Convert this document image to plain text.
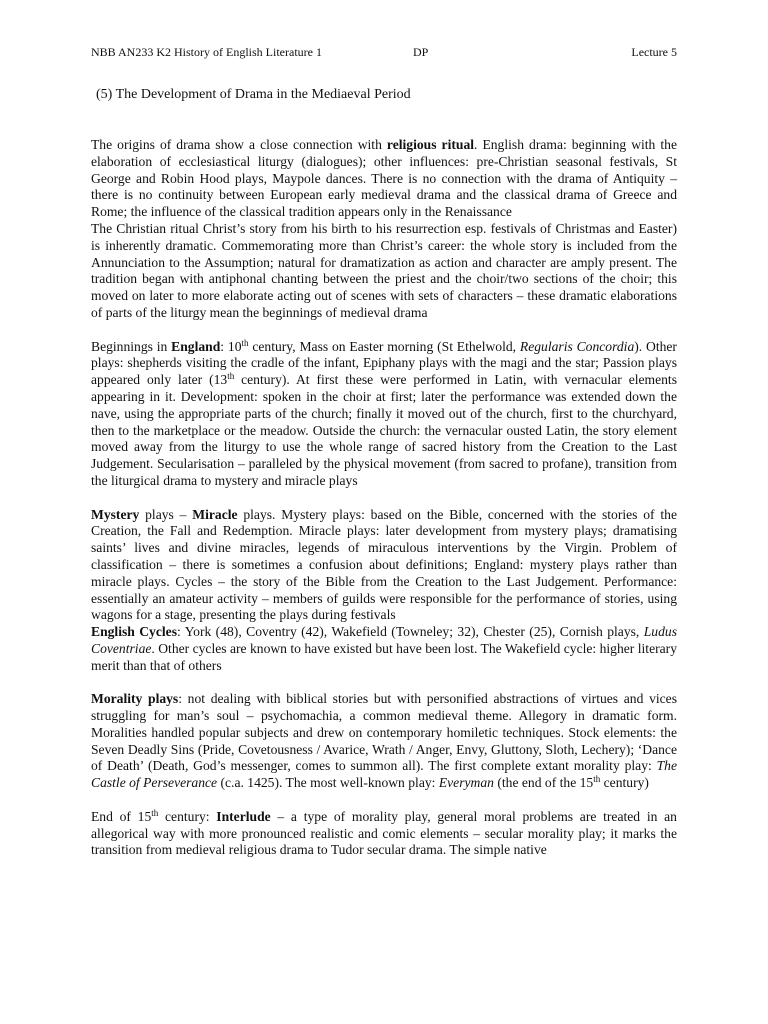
NBB AN233 K2 History of English Literature 1	DP	Lecture 5
(5) The Development of Drama in the Mediaeval Period

The origins of drama show a close connection with religious ritual. English drama: beginning with the elaboration of ecclesiastical liturgy (dialogues); other influences: pre-Christian seasonal festivals, St George and Robin Hood plays, Maypole dances. There is no connection with the drama of Antiquity – there is no continuity between European early medieval drama and the classical drama of Greece and Rome; the influence of the classical tradition appears only in the Renaissance

The Christian ritual Christ’s story from his birth to his resurrection esp. festivals of Christmas and Easter) is inherently dramatic. Commemorating more than Christ’s career: the whole story is included from the Annunciation to the Assumption; natural for dramatization as action and character are amply present. The tradition began with antiphonal chanting between the priest and the choir/two sections of the choir; this moved on later to more elaborate acting out of scenes with sets of characters – these dramatic elaborations of parts of the liturgy mean the beginnings of medieval drama

Beginnings in England: 10th century, Mass on Easter morning (St Ethelwold, Regularis Concordia). Other plays: shepherds visiting the cradle of the infant, Epiphany plays with the magi and the star; Passion plays appeared only later (13th century). At first these were performed in Latin, with vernacular elements appearing in it. Development: spoken in the choir at first; later the performance was extended down the nave, using the appropriate parts of the church; finally it moved out of the church, first to the churchyard, then to the marketplace or the meadow. Outside the church: the vernacular ousted Latin, the story element moved away from the liturgy to use the whole range of sacred history from the Creation to the Last Judgement. Secularisation – paralleled by the physical movement (from sacred to profane), transition from the liturgical drama to mystery and miracle plays

Mystery plays – Miracle plays. Mystery plays: based on the Bible, concerned with the stories of the Creation, the Fall and Redemption. Miracle plays: later development from mystery plays; dramatising saints’ lives and divine miracles, legends of miraculous interventions by the Virgin. Problem of classification – there is sometimes a confusion about definitions; England: mystery plays rather than miracle plays. Cycles – the story of the Bible from the Creation to the Last Judgement. Performance: essentially an amateur activity – members of guilds were responsible for the performance of stories, using wagons for a stage, presenting the plays during festivals

English Cycles: York (48), Coventry (42), Wakefield (Towneley; 32), Chester (25), Cornish plays, Ludus Coventriae. Other cycles are known to have existed but have been lost. The Wakefield cycle: higher literary merit than that of others

Morality plays: not dealing with biblical stories but with personified abstractions of virtues and vices struggling for man’s soul – psychomachia, a common medieval theme. Allegory in dramatic form. Moralities handled popular subjects and drew on contemporary homiletic techniques. Stock elements: the Seven Deadly Sins (Pride, Covetousness / Avarice, Wrath / Anger, Envy, Gluttony, Sloth, Lechery); ‘Dance of Death’ (Death, God’s messenger, comes to summon all). The first complete extant morality play: The Castle of Perseverance (c.a. 1425). The most well-known play: Everyman (the end of the 15th century)

End of 15th century: Interlude – a type of morality play, general moral problems are treated in an allegorical way with more pronounced realistic and comic elements – secular morality play; it marks the transition from medieval religious drama to Tudor secular drama. The simple native
